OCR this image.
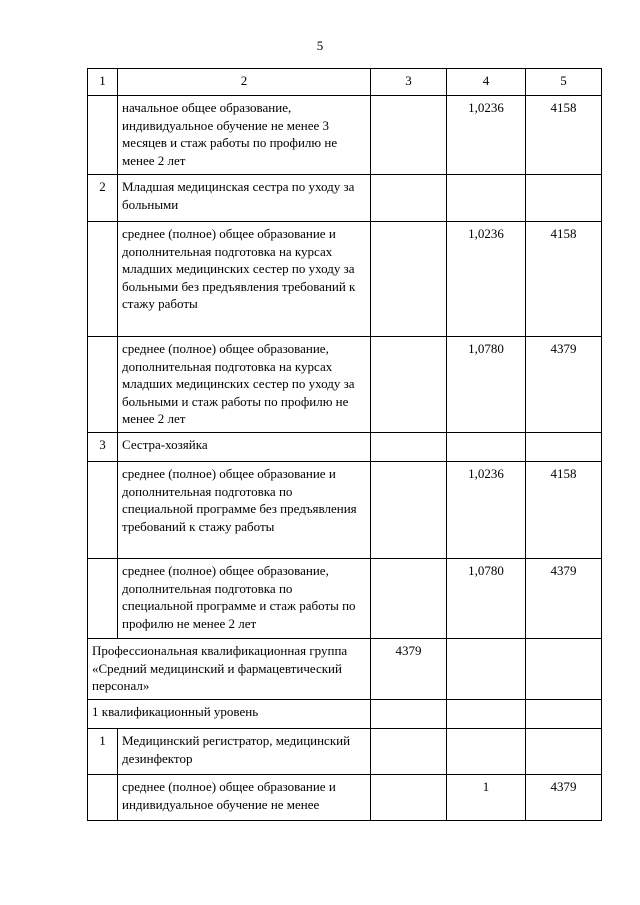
5
1	2	3	4	5
	начальное общее образование, индивидуальное обучение не менее 3 месяцев и стаж работы по профилю не менее 2 лет		1,0236	4158
2	Младшая медицинская сестра по уходу за больными			
	среднее (полное) общее образование и дополнительная подготовка на курсах младших медицинских сестер по уходу за больными без предъявления требований к стажу работы		1,0236	4158
	среднее (полное) общее образование, дополнительная подготовка на курсах младших медицинских сестер по уходу за больными и стаж работы по профилю не менее 2 лет		1,0780	4379
3	Сестра-хозяйка			
	среднее (полное) общее образование и дополнительная подготовка по специальной программе без предъявления требований к стажу работы		1,0236	4158
	среднее (полное) общее образование, дополнительная подготовка по специальной программе и стаж работы по профилю не менее 2 лет		1,0780	4379
Профессиональная квалификационная группа «Средний медицинский и фармацевтический персонал»		4379		
1 квалификационный уровень				
1	Медицинский регистратор, медицинский дезинфектор			
	среднее (полное) общее образование и индивидуальное обучение не менее		1	4379
